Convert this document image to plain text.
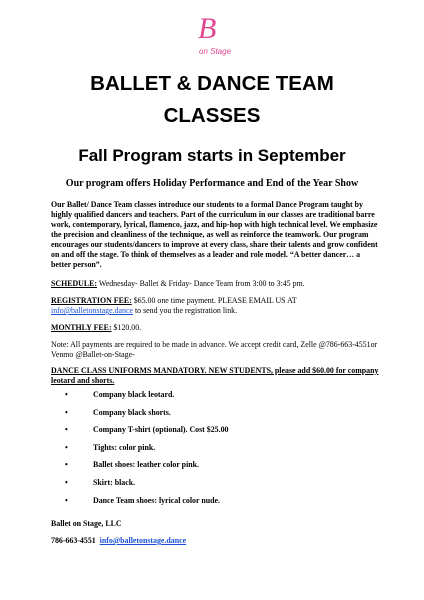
B
on Stage
BALLET & DANCE TEAM
CLASSES
Fall Program starts in September
Our program offers Holiday Performance and End of the Year Show
Our Ballet/ Dance Team classes introduce our students to a formal Dance Program taught by highly qualified dancers and teachers. Part of the curriculum in our classes are traditional barre work, contemporary, lyrical, flamenco, jazz, and hip-hop with high technical level. We emphasize the precision and cleanliness of the technique, as well as reinforce the teamwork. Our program encourages our students/dancers to improve at every class, share their talents and grow confident on and off the stage. To think of themselves as a leader and role model. “A better dancer… a better person”.
SCHEDULE: Wednesday- Ballet & Friday- Dance Team from 3:00 to 3:45 pm.
REGISTRATION FEE: $65.00 one time payment. PLEASE EMAIL US AT
info@balletonstage.dance to send you the registration link.
MONTHLY FEE: $120.00.
Note: All payments are required to be made in advance. We accept credit card, Zelle @786-663-4551or Venmo @Ballet-on-Stage-
DANCE CLASS UNIFORMS MANDATORY. NEW STUDENTS, please add $60.00 for company leotard and shorts.
•	Company black leotard.
•	Company black shorts.
•	Company T-shirt (optional). Cost $25.00
•	Tights: color pink.
•	Ballet shoes: leather color pink.
•	Skirt: black.
•	Dance Team shoes: lyrical color nude.
Ballet on Stage, LLC
786-663-4551 info@balletonstage.dance
